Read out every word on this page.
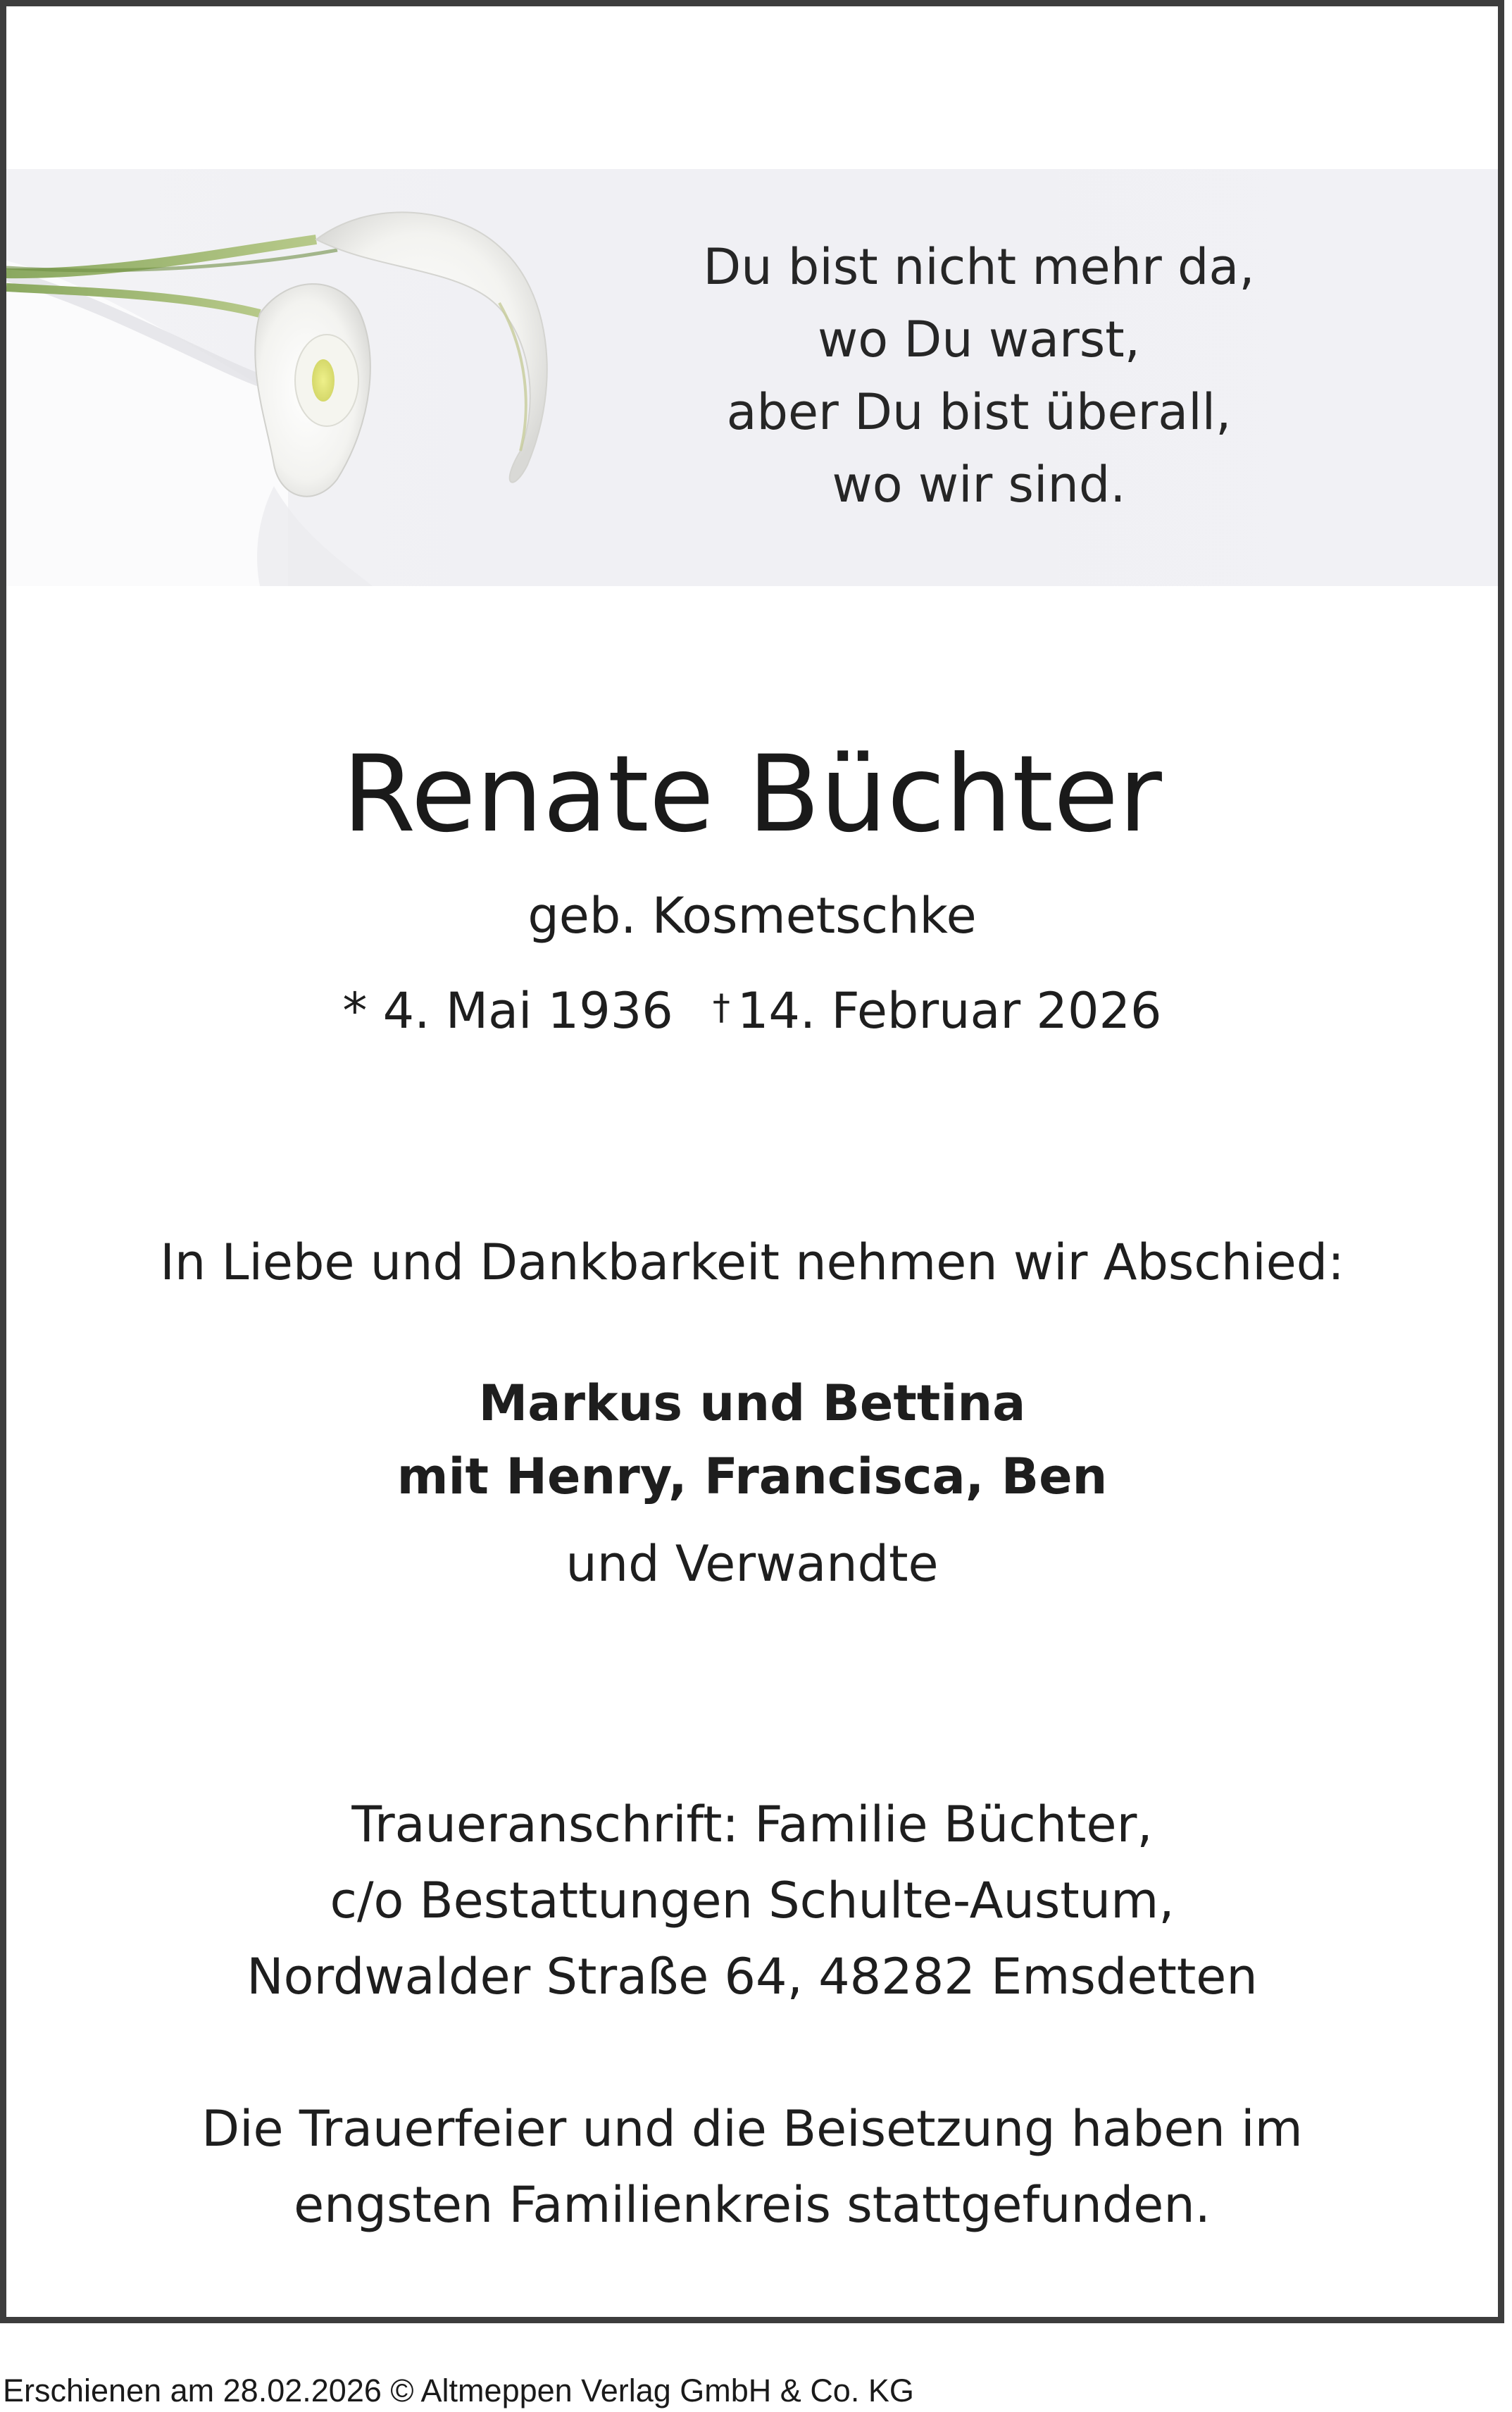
Du bist nicht mehr da,
wo Du warst,
aber Du bist überall,
wo wir sind.
Renate Büchter
geb. Kosmetschke
* 4. Mai 1936 † 14. Februar 2026
In Liebe und Dankbarkeit nehmen wir Abschied:
Markus und Bettina
mit Henry, Francisca, Ben
und Verwandte
Traueranschrift: Familie Büchter,
c/o Bestattungen Schulte-Austum,
Nordwalder Straße 64, 48282 Emsdetten
Die Trauerfeier und die Beisetzung haben im
engsten Familienkreis stattgefunden.
Erschienen am 28.02.2026 © Altmeppen Verlag GmbH & Co. KG
